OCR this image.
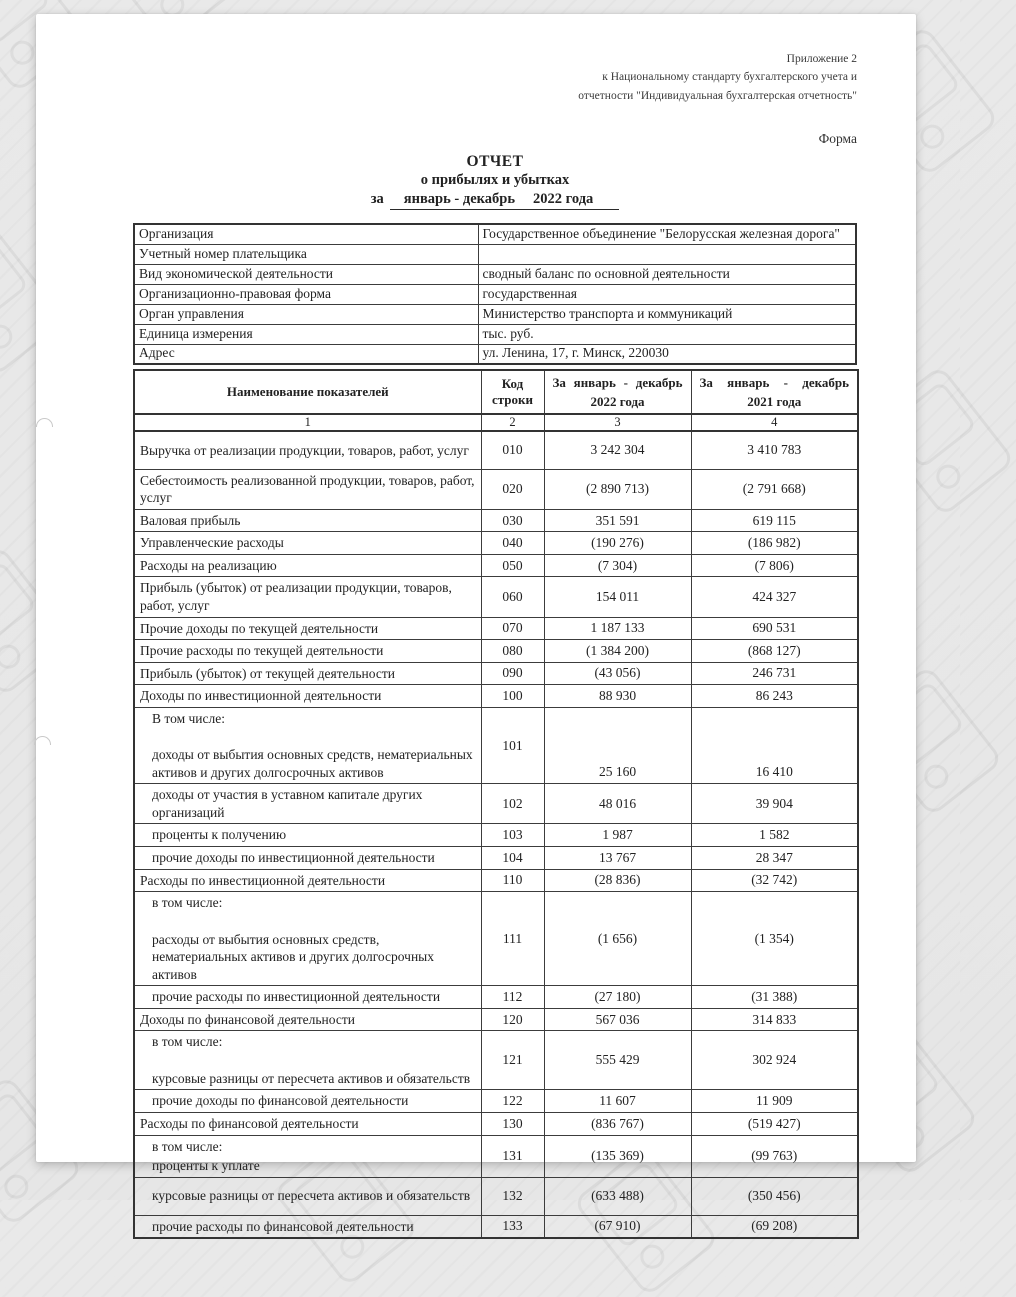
Приложение 2
к Национальному стандарту бухгалтерского учета и
отчетности "Индивидуальная бухгалтерская отчетность"
Форма
ОТЧЕТ
о прибылях и убытках
за январь - декабрь 2022 года
Организация	Государственное объединение "Белорусская железная дорога"
Учетный номер плательщика	
Вид экономической деятельности	сводный баланс по основной деятельности
Организационно-правовая форма	государственная
Орган управления	Министерство транспорта и коммуникаций
Единица измерения	тыс. руб.
Адрес	ул. Ленина, 17, г. Минск, 220030
Наименование показателей	Код строки	
За январь - декабрь
2022 года

За январь - декабрь
2021 года

1	2	3	4

Выручка от реализации продукции, товаров, работ, услуг	010	3 242 304	3 410 783

Себестоимость реализованной продукции, товаров, работ, услуг	020	(2 890 713)	(2 791 668)

Валовая прибыль	030	351 591	619 115

Управленческие расходы	040	(190 276)	(186 982)

Расходы на реализацию	050	(7 304)	(7 806)

Прибыль (убыток) от реализации продукции, товаров, работ, услуг	060	154 011	424 327

Прочие доходы по текущей деятельности	070	1 187 133	690 531

Прочие расходы по текущей деятельности	080	(1 384 200)	(868 127)

Прибыль (убыток) от текущей деятельности	090	(43 056)	246 731

Доходы по инвестиционной деятельности	100	88 930	86 243

В том числе:
доходы от выбытия основных средств, нематериальных активов и других долгосрочных активов	101	25 160	16 410

доходы от участия в уставном капитале других организаций	102	48 016	39 904

проценты к получению	103	1 987	1 582

прочие доходы по инвестиционной деятельности	104	13 767	28 347

Расходы по инвестиционной деятельности	110	(28 836)	(32 742)

в том числе:
расходы от выбытия основных средств, нематериальных активов и других долгосрочных активов	111	(1 656)	(1 354)

прочие расходы по инвестиционной деятельности	112	(27 180)	(31 388)

Доходы по финансовой деятельности	120	567 036	314 833

в том числе:
курсовые разницы от пересчета активов и обязательств	121	555 429	302 924

прочие доходы по финансовой деятельности	122	11 607	11 909

Расходы по финансовой деятельности	130	(836 767)	(519 427)

в том числе:
проценты к уплате	131	(135 369)	(99 763)

курсовые разницы от пересчета активов и обязательств	132	(633 488)	(350 456)

прочие расходы по финансовой деятельности	133	(67 910)	(69 208)
